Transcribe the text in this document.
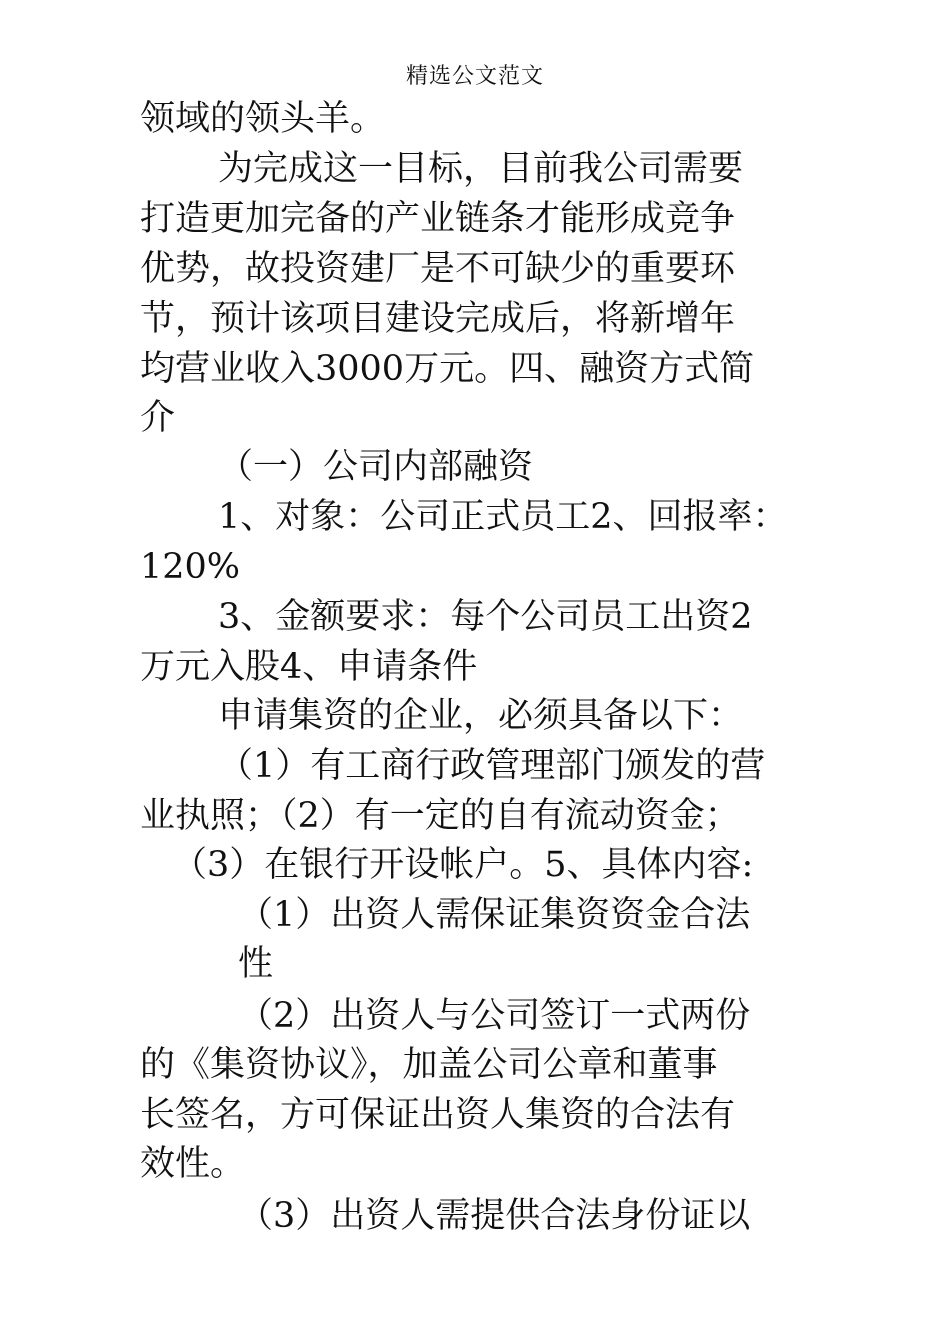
精选公文范文
领域的领头羊。
为完成这一目标，目前我公司需要
打造更加完备的产业链条才能形成竞争
优势，故投资建厂是不可缺少的重要环
节，预计该项目建设完成后，将新增年
均营业收入3000万元。四、融资方式简
介
（一）公司内部融资
1、对象：公司正式员工2、回报率：
120%
3、金额要求：每个公司员工出资2
万元入股4、申请条件
申请集资的企业，必须具备以下：
（1）有工商行政管理部门颁发的营
业执照；（2）有一定的自有流动资金；
（3）在银行开设帐户。5、具体内容:
（1）出资人需保证集资资金合法
性
（2）出资人与公司签订一式两份
的《集资协议》，加盖公司公章和董事
长签名，方可保证出资人集资的合法有
效性。
（3）出资人需提供合法身份证以
